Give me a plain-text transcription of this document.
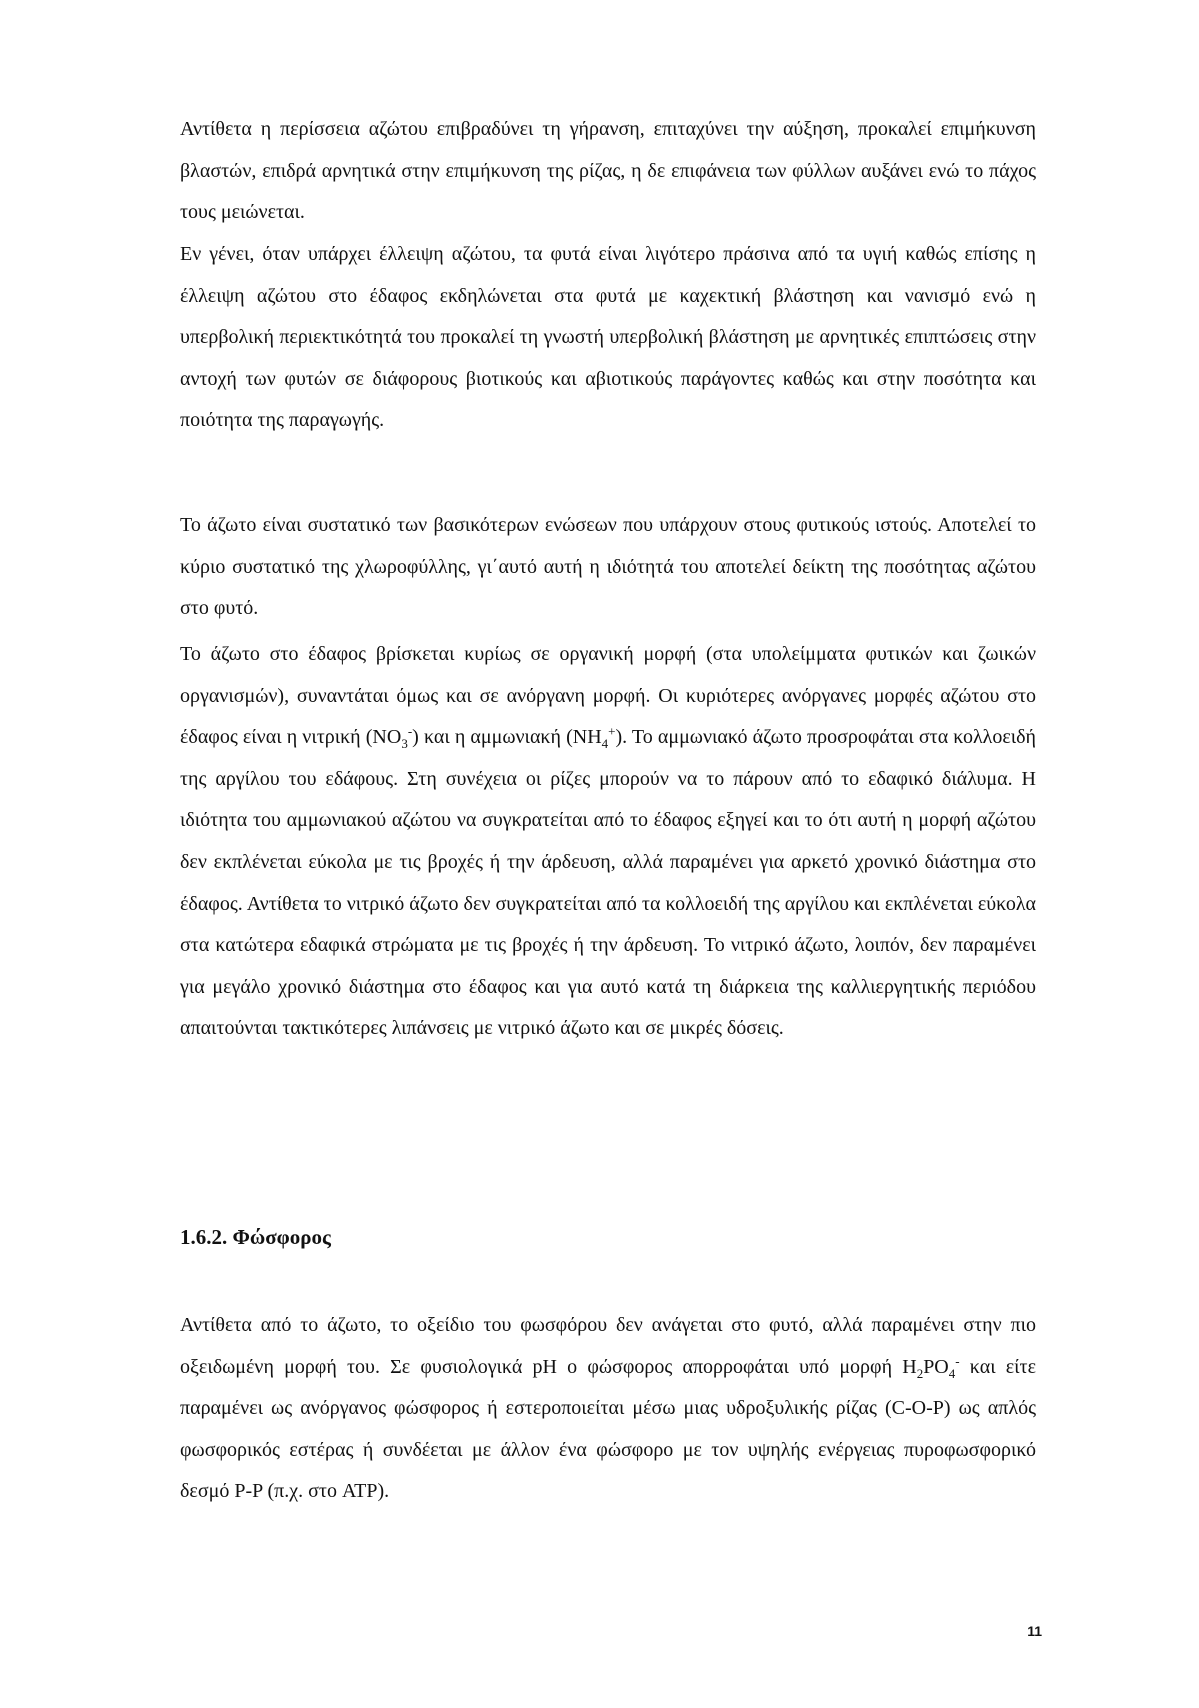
Αντίθετα η περίσσεια αζώτου επιβραδύνει τη γήρανση, επιταχύνει την αύξηση, προκαλεί επιμήκυνση βλαστών, επιδρά αρνητικά στην επιμήκυνση της ρίζας, η δε επιφάνεια των φύλλων αυξάνει ενώ το πάχος τους μειώνεται.

Εν γένει, όταν υπάρχει έλλειψη αζώτου, τα φυτά είναι λιγότερο πράσινα από τα υγιή καθώς επίσης η έλλειψη αζώτου στο έδαφος εκδηλώνεται στα φυτά με καχεκτική βλάστηση και νανισμό ενώ η υπερβολική περιεκτικότητά του προκαλεί τη γνωστή υπερβολική βλάστηση με αρνητικές επιπτώσεις στην αντοχή των φυτών σε διάφορους βιοτικούς και αβιοτικούς παράγοντες καθώς και στην ποσότητα και ποιότητα της παραγωγής.

Το άζωτο είναι συστατικό των βασικότερων ενώσεων που υπάρχουν στους φυτικούς ιστούς. Αποτελεί το κύριο συστατικό της χλωροφύλλης, γι΄αυτό αυτή η ιδιότητά του αποτελεί δείκτη της ποσότητας αζώτου στο φυτό.

Το άζωτο στο έδαφος βρίσκεται κυρίως σε οργανική μορφή (στα υπολείμματα φυτικών και ζωικών οργανισμών), συναντάται όμως και σε ανόργανη μορφή. Οι κυριότερες ανόργανες μορφές αζώτου στο έδαφος είναι η νιτρική $(NO_3^-)$ και η αμμωνιακή $(NH_4^+)$. Το αμμωνιακό άζωτο προσροφάται στα κολλοειδή της αργίλου του εδάφους. Στη συνέχεια οι ρίζες μπορούν να το πάρουν από το εδαφικό διάλυμα. Η ιδιότητα του αμμωνιακού αζώτου να συγκρατείται από το έδαφος εξηγεί και το ότι αυτή η μορφή αζώτου δεν εκπλένεται εύκολα με τις βροχές ή την άρδευση, αλλά παραμένει για αρκετό χρονικό διάστημα στο έδαφος. Αντίθετα το νιτρικό άζωτο δεν συγκρατείται από τα κολλοειδή της αργίλου και εκπλένεται εύκολα στα κατώτερα εδαφικά στρώματα με τις βροχές ή την άρδευση. Το νιτρικό άζωτο, λοιπόν, δεν παραμένει για μεγάλο χρονικό διάστημα στο έδαφος και για αυτό κατά τη διάρκεια της καλλιεργητικής περιόδου απαιτούνται τακτικότερες λιπάνσεις με νιτρικό άζωτο και σε μικρές δόσεις.

1.6.2. Φώσφορος

Αντίθετα από το άζωτο, το οξείδιο του φωσφόρου δεν ανάγεται στο φυτό, αλλά παραμένει στην πιο οξειδωμένη μορφή του. Σε φυσιολογικά pH ο φώσφορος απορροφάται υπό μορφή $H_2PO_4^-$ και είτε παραμένει ως ανόργανος φώσφορος ή εστεροποιείται μέσω μιας υδροξυλικής ρίζας (C-O-P) ως απλός φωσφορικός εστέρας ή συνδέεται με άλλον ένα φώσφορο με τον υψηλής ενέργειας πυροφωσφορικό δεσμό P-P (π.χ. στο ATP).

11
